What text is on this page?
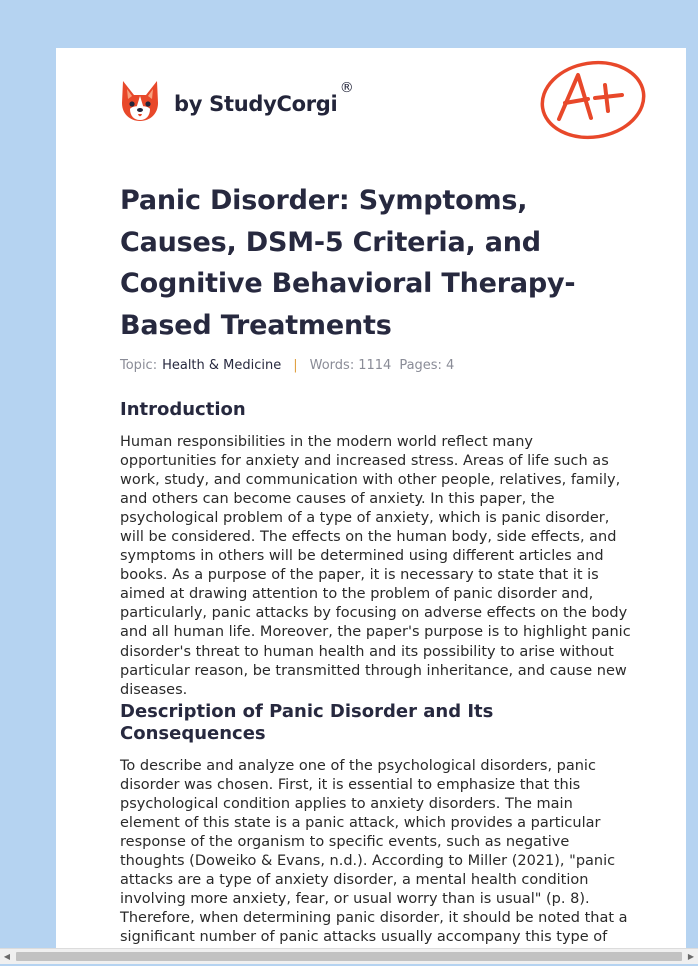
by StudyCorgi
®
A+
Panic Disorder: Symptoms, Causes, DSM-5 Criteria, and Cognitive Behavioral Therapy-Based Treatments
Topic: Health & Medicine | Words: 1114 Pages: 4
Introduction

Human responsibilities in the modern world reflect many opportunities for anxiety and increased stress. Areas of life such as work, study, and communication with other people, relatives, family, and others can become causes of anxiety. In this paper, the psychological problem of a type of anxiety, which is panic disorder, will be considered. The effects on the human body, side effects, and symptoms in others will be determined using different articles and books. As a purpose of the paper, it is necessary to state that it is aimed at drawing attention to the problem of panic disorder and, particularly, panic attacks by focusing on adverse effects on the body and all human life. Moreover, the paper's purpose is to highlight panic disorder's threat to human health and its possibility to arise without particular reason, be transmitted through inheritance, and cause new diseases.

Description of Panic Disorder and Its Consequences

To describe and analyze one of the psychological disorders, panic disorder was chosen. First, it is essential to emphasize that this psychological condition applies to anxiety disorders. The main element of this state is a panic attack, which provides a particular response of the organism to specific events, such as negative thoughts (Doweiko & Evans, n.d.). According to Miller (2021), "panic attacks are a type of anxiety disorder, a mental health condition involving more anxiety, fear, or usual worry than is usual" (p. 8). Therefore, when determining panic disorder, it should be noted that a significant number of panic attacks usually accompany this type of

◀	▶
